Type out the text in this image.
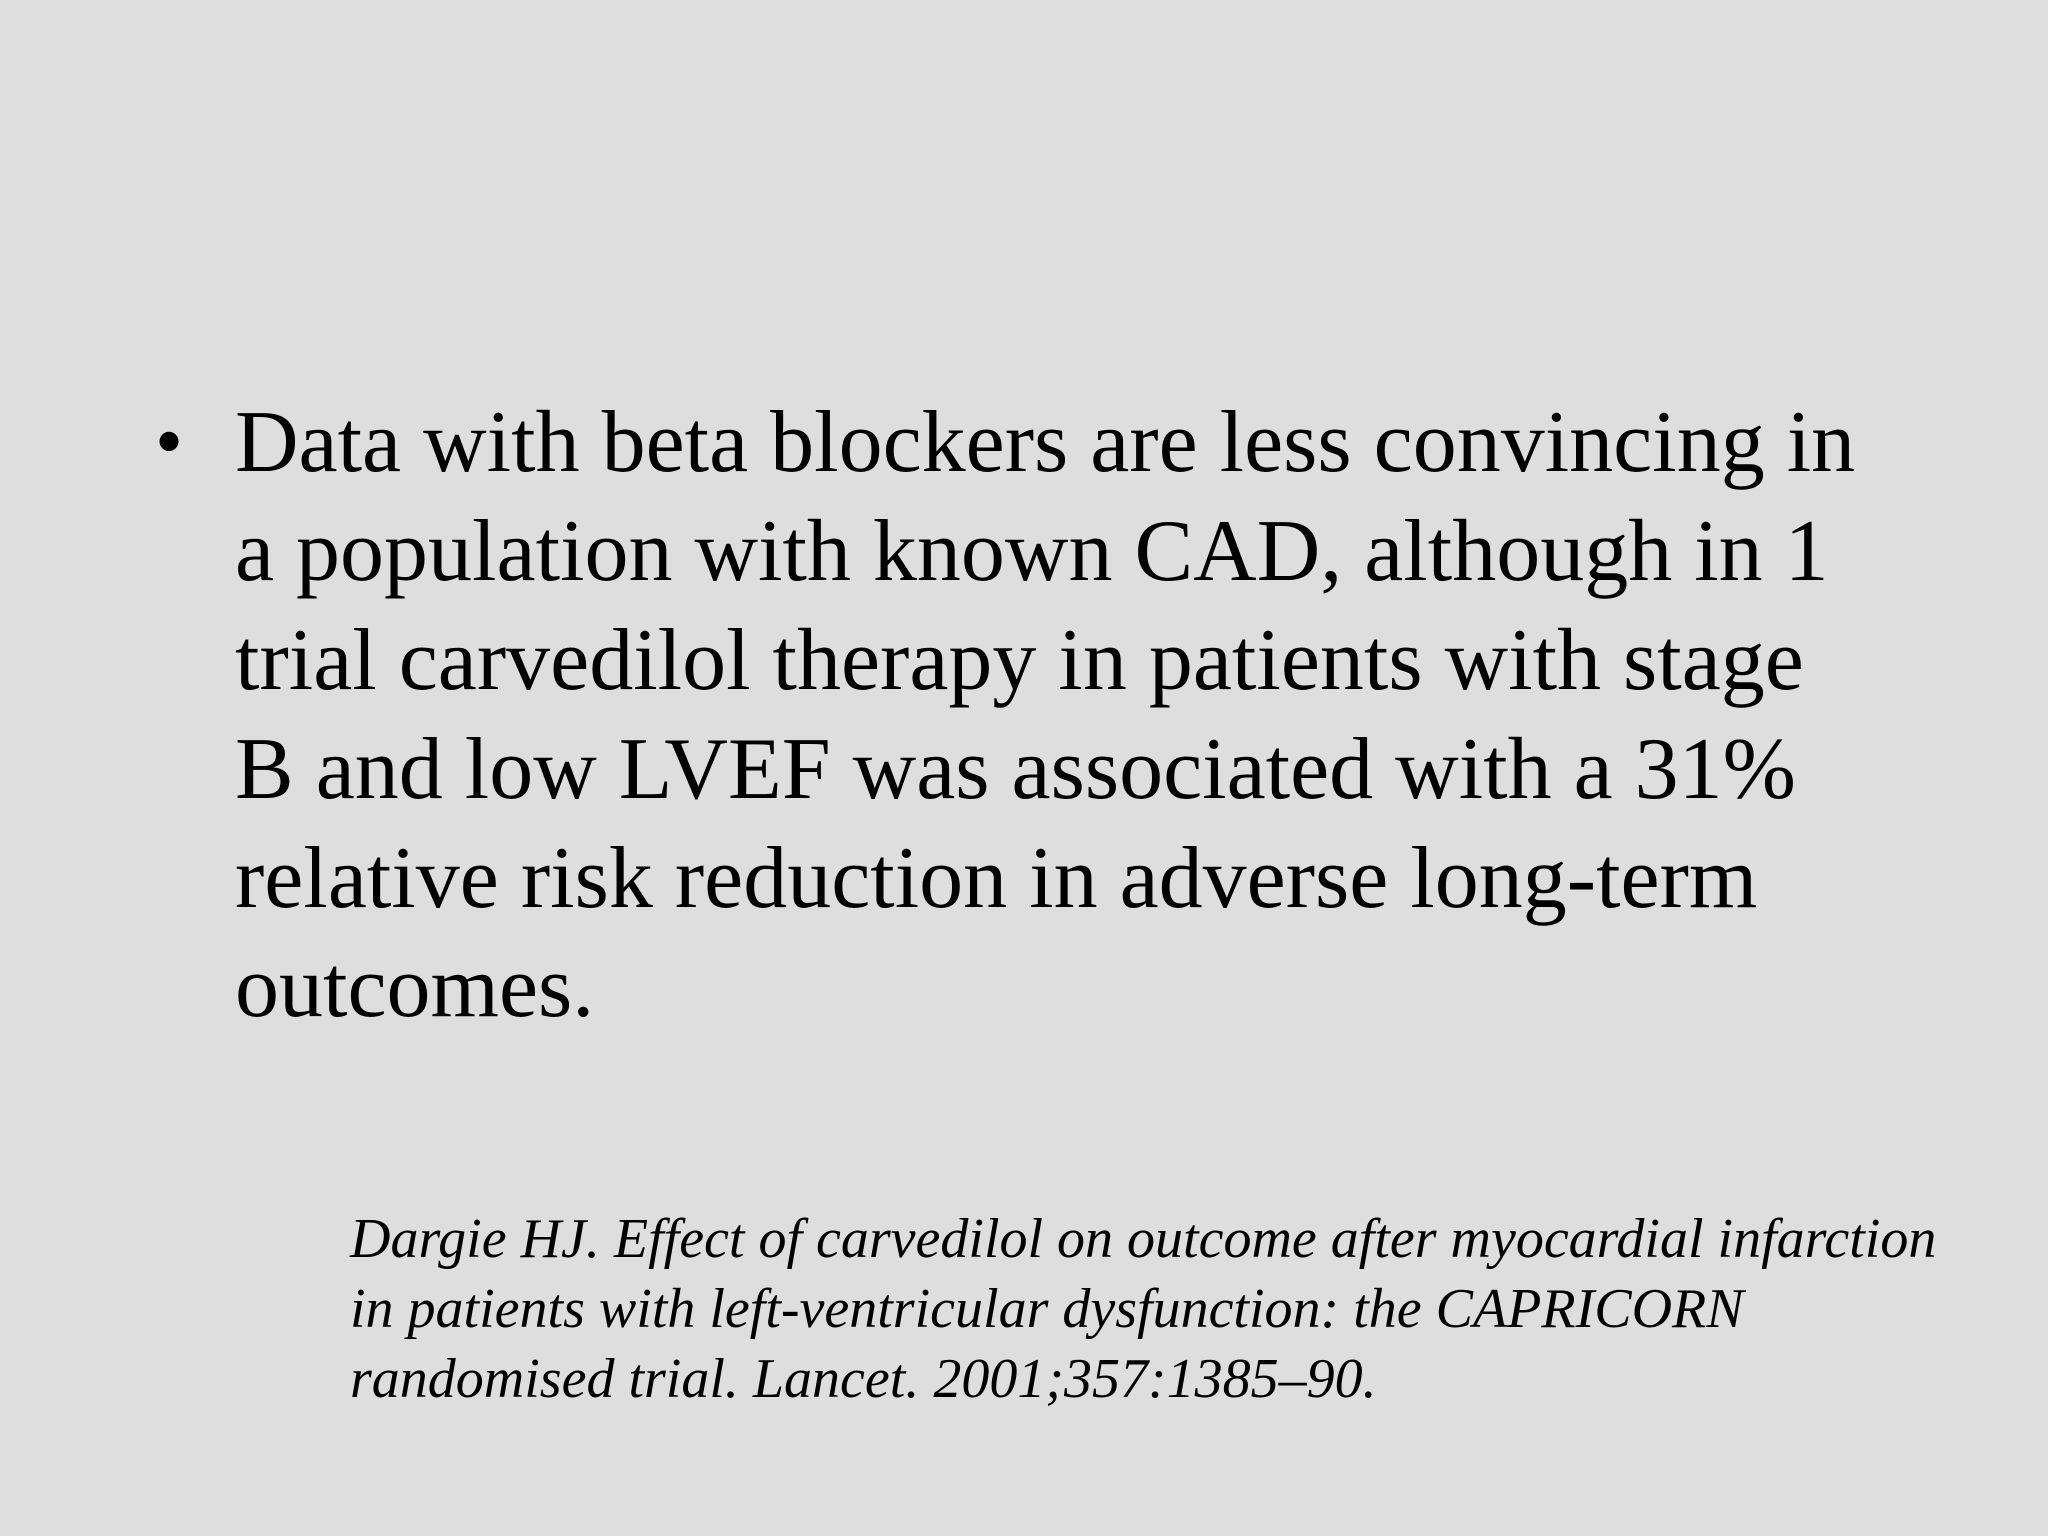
• Data with beta blockers are less convincing in
a population with known CAD, although in 1
trial carvedilol therapy in patients with stage
B and low LVEF was associated with a 31%
relative risk reduction in adverse long-term
outcomes.
Dargie HJ. Effect of carvedilol on outcome after myocardial infarction
in patients with left-ventricular dysfunction: the CAPRICORN
randomised trial. Lancet. 2001;357:1385–90.
